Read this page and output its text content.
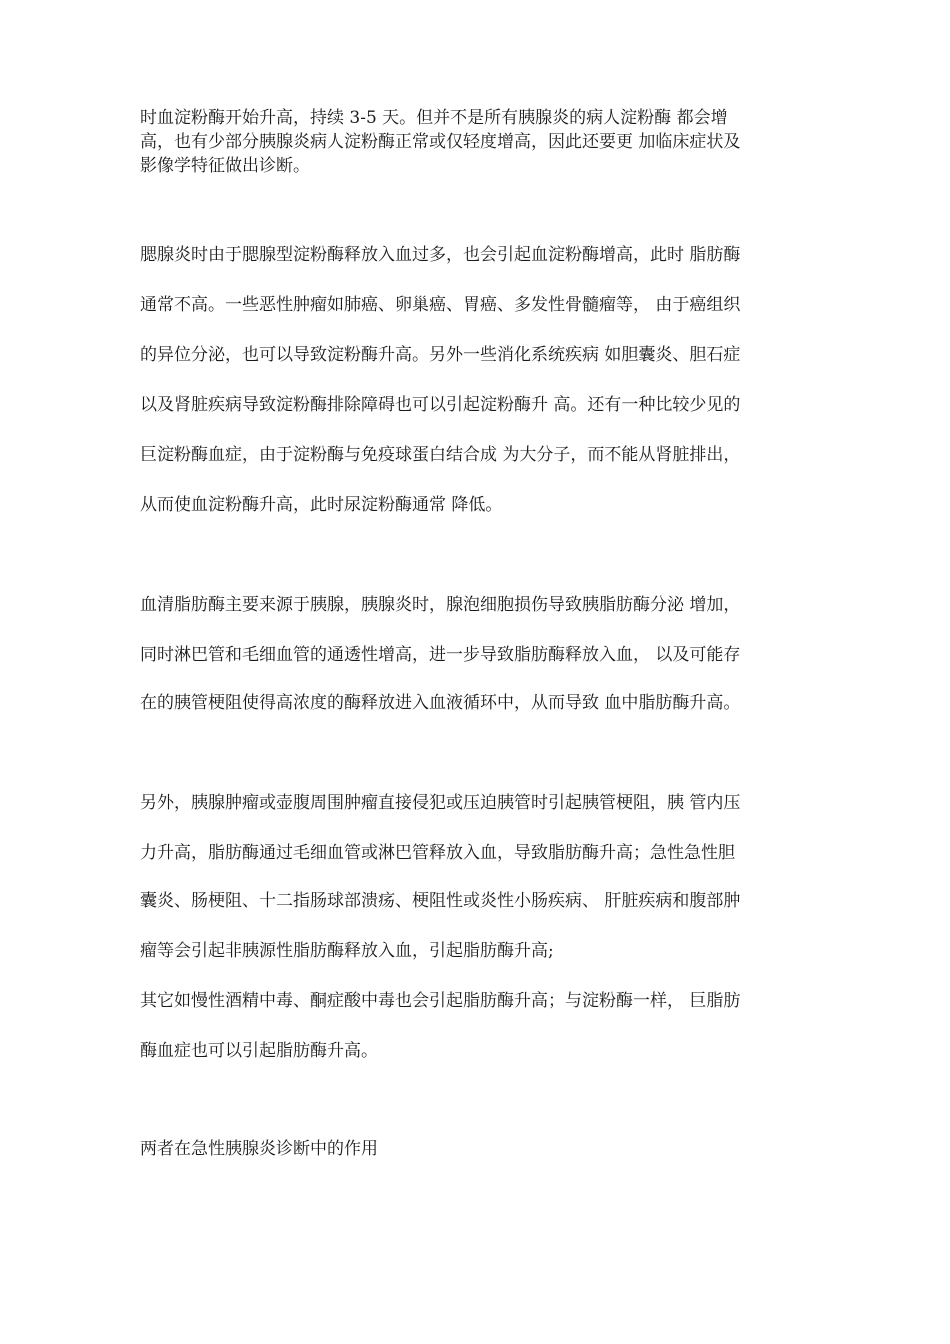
时血淀粉酶开始升高，持续 3-5 天。但并不是所有胰腺炎的病人淀粉酶 都会增
高，也有少部分胰腺炎病人淀粉酶正常或仅轻度增高，因此还要更 加临床症状及
影像学特征做出诊断。
腮腺炎时由于腮腺型淀粉酶释放入血过多，也会引起血淀粉酶增高，此时 脂肪酶
通常不高。一些恶性肿瘤如肺癌、卵巢癌、胃癌、多发性骨髓瘤等， 由于癌组织
的异位分泌，也可以导致淀粉酶升高。另外一些消化系统疾病 如胆囊炎、胆石症
以及肾脏疾病导致淀粉酶排除障碍也可以引起淀粉酶升 高。还有一种比较少见的
巨淀粉酶血症，由于淀粉酶与免疫球蛋白结合成 为大分子，而不能从肾脏排出，
从而使血淀粉酶升高，此时尿淀粉酶通常 降低。
血清脂肪酶主要来源于胰腺，胰腺炎时，腺泡细胞损伤导致胰脂肪酶分泌 增加，
同时淋巴管和毛细血管的通透性增高，进一步导致脂肪酶释放入血， 以及可能存
在的胰管梗阻使得高浓度的酶释放进入血液循环中，从而导致 血中脂肪酶升高。
另外，胰腺肿瘤或壶腹周围肿瘤直接侵犯或压迫胰管时引起胰管梗阻，胰 管内压
力升高，脂肪酶通过毛细血管或淋巴管释放入血，导致脂肪酶升高；急性急性胆
囊炎、肠梗阻、十二指肠球部溃疡、梗阻性或炎性小肠疾病、 肝脏疾病和腹部肿
瘤等会引起非胰源性脂肪酶释放入血，引起脂肪酶升高;
其它如慢性酒精中毒、酮症酸中毒也会引起脂肪酶升高；与淀粉酶一样， 巨脂肪
酶血症也可以引起脂肪酶升高。
两者在急性胰腺炎诊断中的作用
